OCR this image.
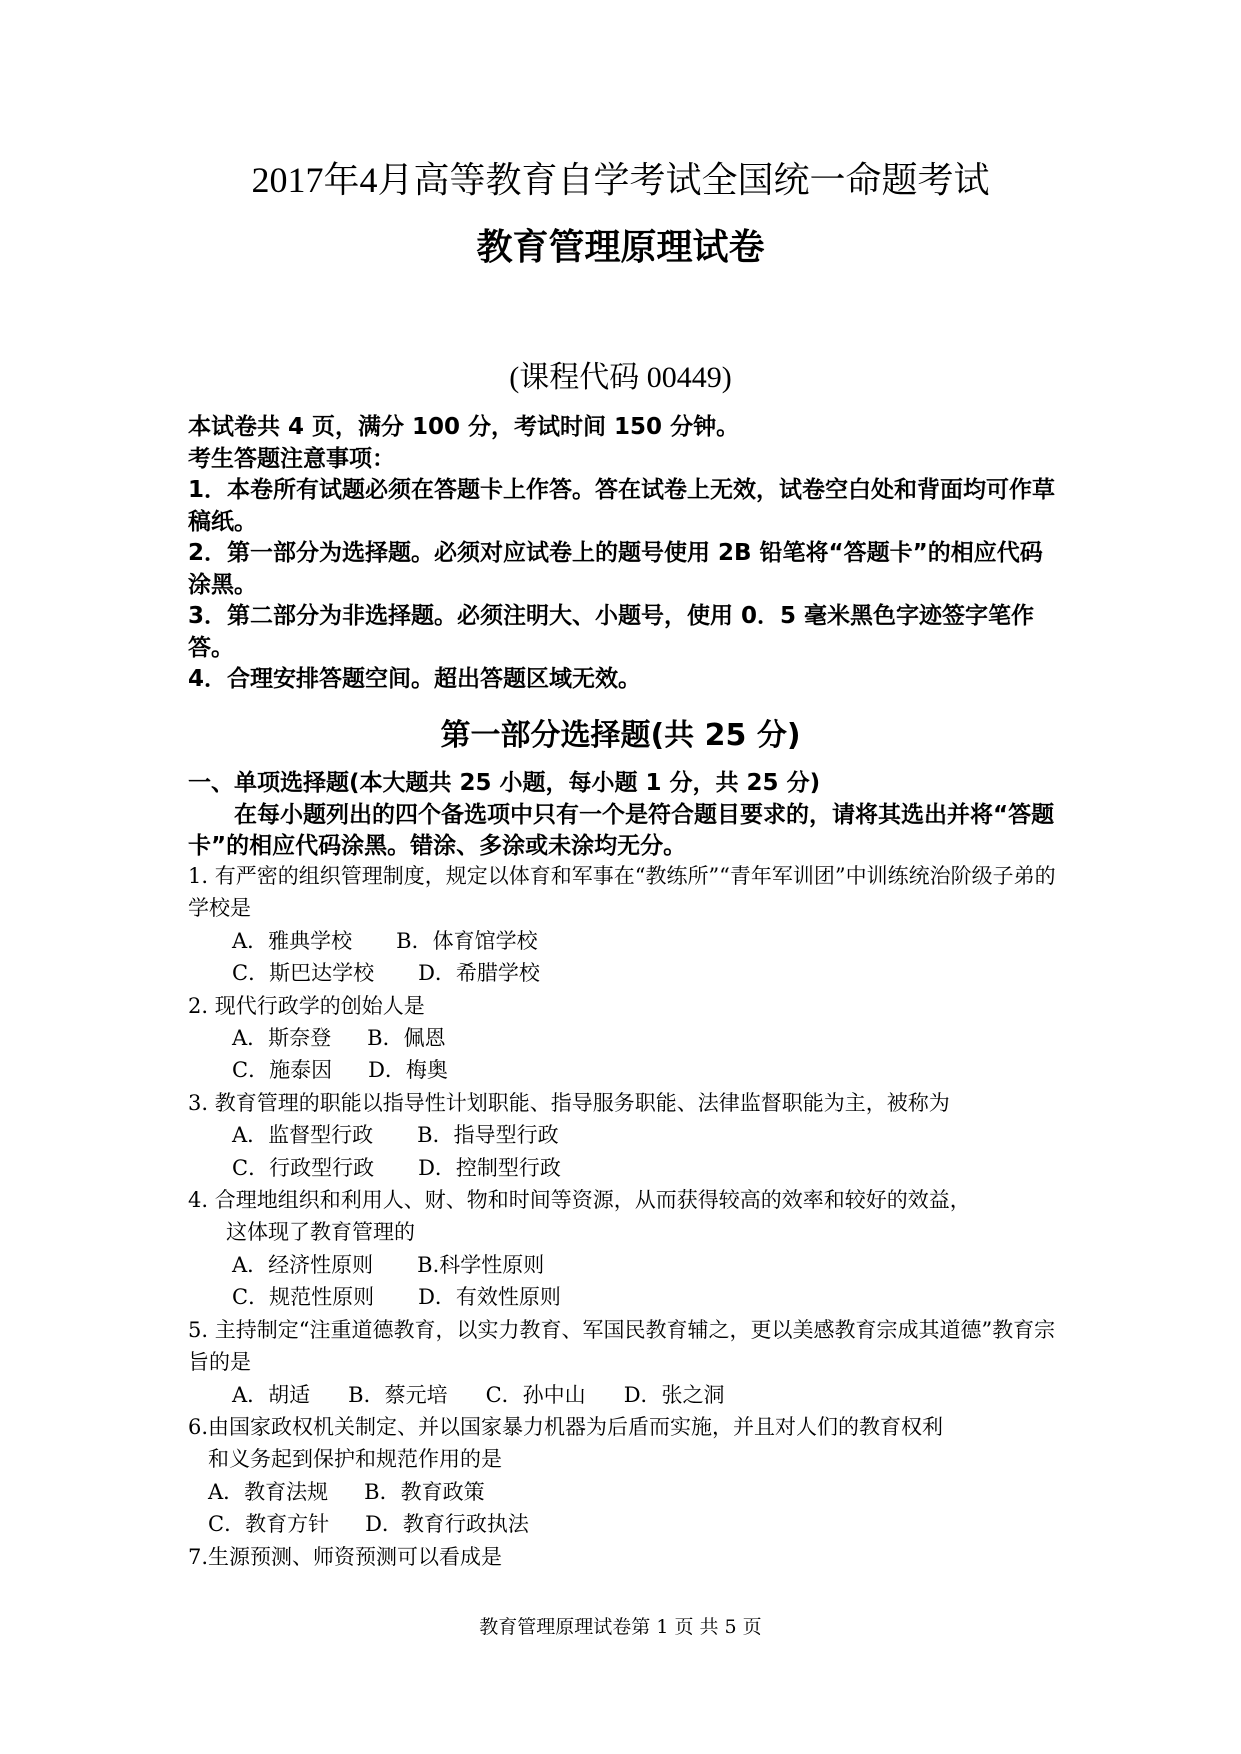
2017年4月高等教育自学考试全国统一命题考试
教育管理原理试卷
(课程代码 00449)
本试卷共 4 页，满分 100 分，考试时间 150 分钟。
考生答题注意事项：
1．本卷所有试题必须在答题卡上作答。答在试卷上无效，试卷空白处和背面均可作草稿纸。
2．第一部分为选择题。必须对应试卷上的题号使用 2B 铅笔将“答题卡”的相应代码涂黑。
3．第二部分为非选择题。必须注明大、小题号，使用 0．5 毫米黑色字迹签字笔作答。
4．合理安排答题空间。超出答题区域无效。
第一部分选择题(共 25 分)
一、单项选择题(本大题共 25 小题，每小题 1 分，共 25 分)
在每小题列出的四个备选项中只有一个是符合题目要求的，请将其选出并将“答题卡”的相应代码涂黑。错涂、多涂或未涂均无分。
1. 有严密的组织管理制度，规定以体育和军事在“教练所”“青年军训团”中训练统治阶级子弟的学校是
A．雅典学校 B．体育馆学校
C．斯巴达学校 D．希腊学校
2. 现代行政学的创始人是
A．斯奈登 B．佩恩
C．施泰因 D．梅奥
3. 教育管理的职能以指导性计划职能、指导服务职能、法律监督职能为主，被称为
A．监督型行政 B．指导型行政
C．行政型行政 D．控制型行政
4. 合理地组织和利用人、财、物和时间等资源，从而获得较高的效率和较好的效益，
这体现了教育管理的
A．经济性原则 B.科学性原则
C．规范性原则 D．有效性原则
5. 主持制定“注重道德教育，以实力教育、军国民教育辅之，更以美感教育宗成其道德”教育宗旨的是
A．胡适 B．蔡元培 C．孙中山 D．张之洞
6.由国家政权机关制定、并以国家暴力机器为后盾而实施，并且对人们的教育权利
和义务起到保护和规范作用的是
A．教育法规 B．教育政策
C．教育方针 D．教育行政执法
7.生源预测、师资预测可以看成是
教育管理原理试卷第 1 页 共 5 页
